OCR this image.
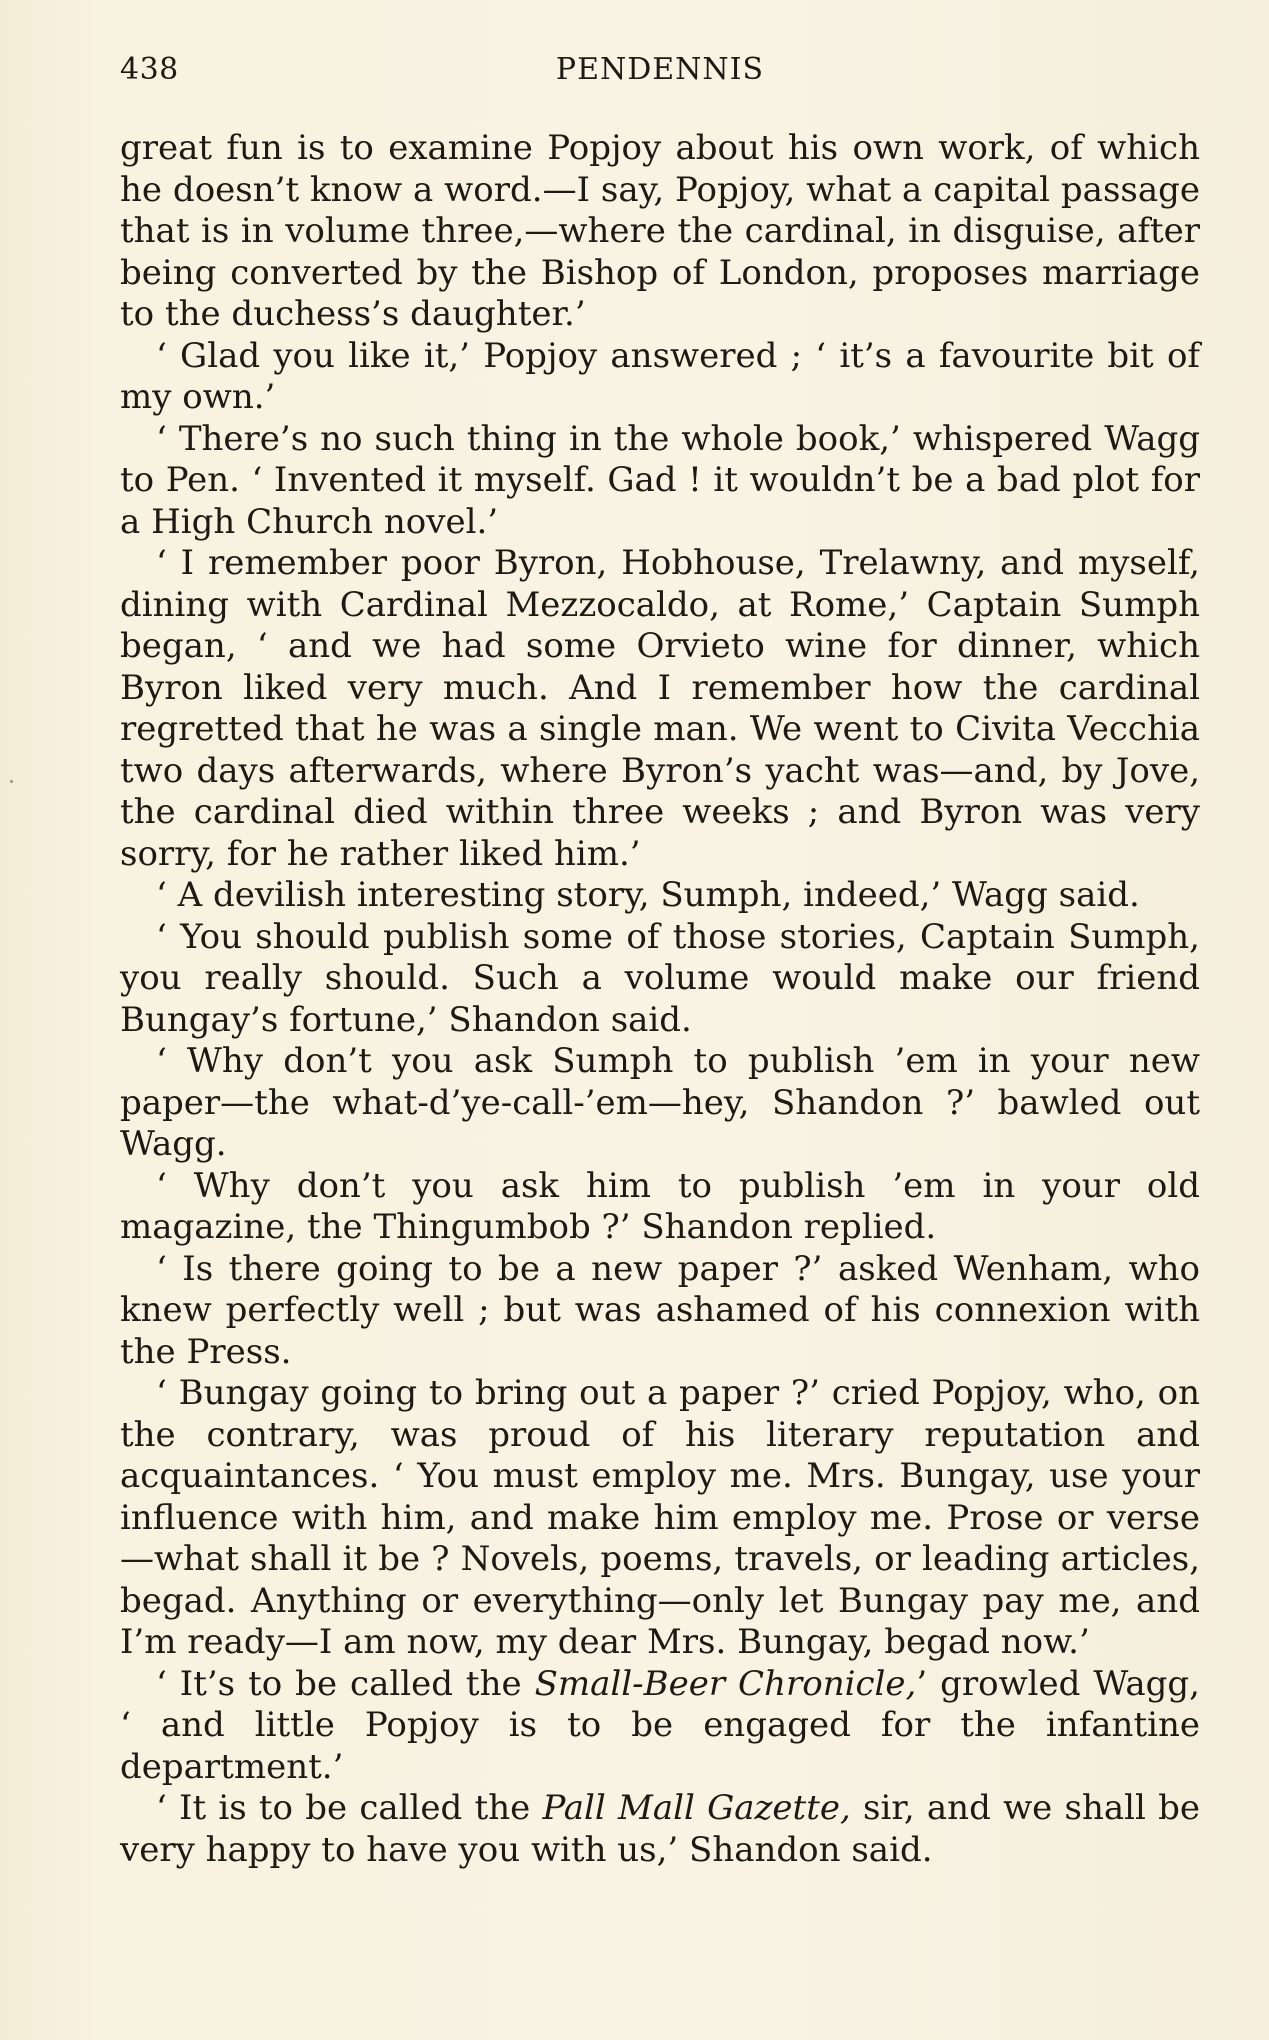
438	PENDENNIS

great fun is to examine Popjoy about his own work, of which he doesn’t know a word.—I say, Popjoy, what a capital passage that is in volume three,—where the cardinal, in disguise, after being converted by the Bishop of London, proposes marriage to the duchess’s daughter.’

‘ Glad you like it,’ Popjoy answered ; ‘ it’s a favourite bit of my own.’

‘ There’s no such thing in the whole book,’ whispered Wagg to Pen. ‘ Invented it myself. Gad ! it wouldn’t be a bad plot for a High Church novel.’

‘ I remember poor Byron, Hobhouse, Trelawny, and myself, dining with Cardinal Mezzocaldo, at Rome,’ Captain Sumph began, ‘ and we had some Orvieto wine for dinner, which Byron liked very much. And I remember how the cardinal regretted that he was a single man. We went to Civita Vecchia two days afterwards, where Byron’s yacht was—and, by Jove, the cardinal died within three weeks ; and Byron was very sorry, for he rather liked him.’

‘ A devilish interesting story, Sumph, indeed,’ Wagg said.

‘ You should publish some of those stories, Captain Sumph, you really should. Such a volume would make our friend Bungay’s fortune,’ Shandon said.

‘ Why don’t you ask Sumph to publish ’em in your new paper—the what-d’ye-call-’em—hey, Shandon ?’ bawled out Wagg.

‘ Why don’t you ask him to publish ’em in your old magazine, the Thingumbob ?’ Shandon replied.

‘ Is there going to be a new paper ?’ asked Wenham, who knew perfectly well ; but was ashamed of his connexion with the Press.

‘ Bungay going to bring out a paper ?’ cried Popjoy, who, on the contrary, was proud of his literary reputation and acquaintances. ‘ You must employ me. Mrs. Bungay, use your influence with him, and make him employ me. Prose or verse—what shall it be ? Novels, poems, travels, or leading articles, begad. Anything or everything—only let Bungay pay me, and I’m ready—I am now, my dear Mrs. Bungay, begad now.’

‘ It’s to be called the Small-Beer Chronicle,’ growled Wagg, ‘ and little Popjoy is to be engaged for the infantine department.’

‘ It is to be called the Pall Mall Gazette, sir, and we shall be very happy to have you with us,’ Shandon said.
